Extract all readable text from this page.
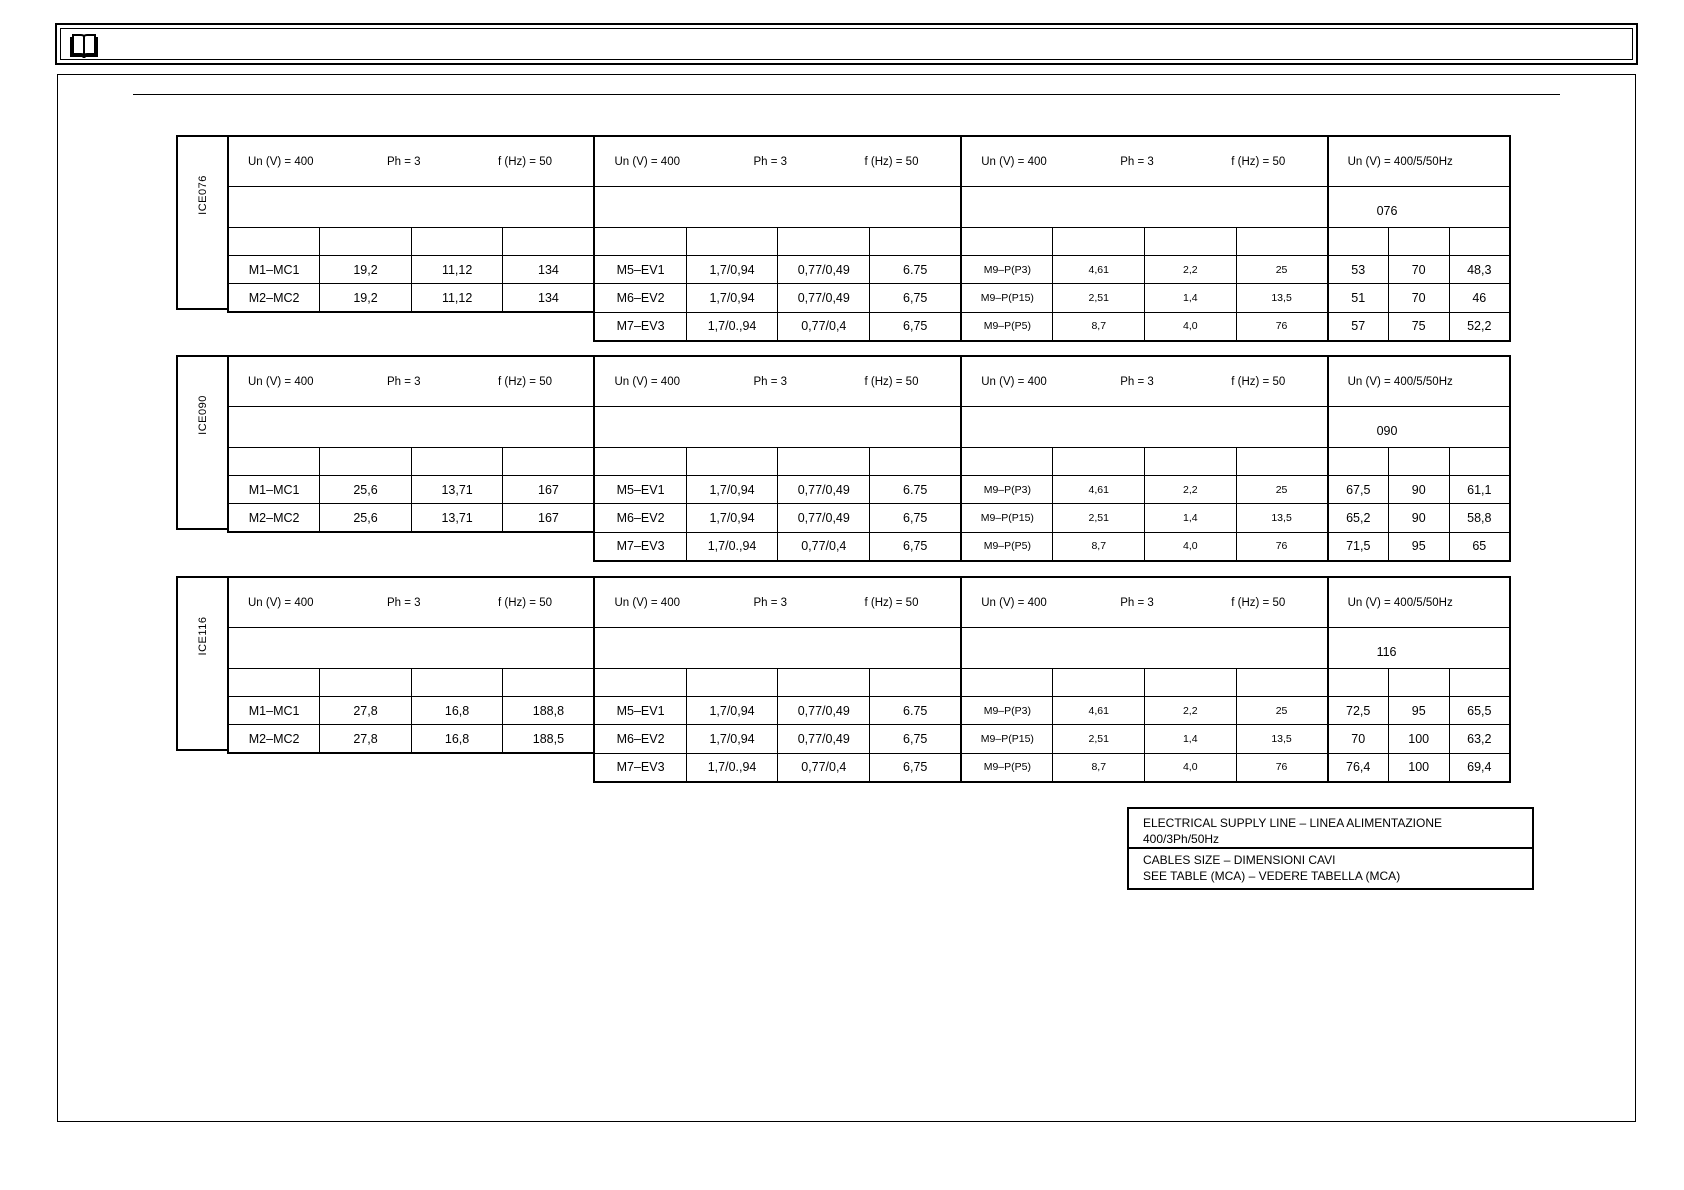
ICE076
Un (V) = 400 Ph = 3 f (Hz) = 50				Un (V) = 400 Ph = 3 f (Hz) = 50				Un (V) = 400 Ph = 3 f (Hz) = 50				Un (V) = 400/5/50Hz		

												076		

M1–MC1	19,2	11,12	134	M5–EV1	1,7/0,94	0,77/0,49	6.75	M9–P(P3)	4,61	2,2	25	53	70	48,3
M2–MC2	19,2	11,12	134	M6–EV2	1,7/0,94	0,77/0,49	6,75	M9–P(P15)	2,51	1,4	13,5	51	70	46
				M7–EV3	1,7/0.,94	0,77/0,4	6,75	M9–P(P5)	8,7	4,0	76	57	75	52,2
ICE090
Un (V) = 400 Ph = 3 f (Hz) = 50				Un (V) = 400 Ph = 3 f (Hz) = 50				Un (V) = 400 Ph = 3 f (Hz) = 50				Un (V) = 400/5/50Hz		

												090		

M1–MC1	25,6	13,71	167	M5–EV1	1,7/0,94	0,77/0,49	6.75	M9–P(P3)	4,61	2,2	25	67,5	90	61,1
M2–MC2	25,6	13,71	167	M6–EV2	1,7/0,94	0,77/0,49	6,75	M9–P(P15)	2,51	1,4	13,5	65,2	90	58,8
				M7–EV3	1,7/0.,94	0,77/0,4	6,75	M9–P(P5)	8,7	4,0	76	71,5	95	65
ICE116
Un (V) = 400 Ph = 3 f (Hz) = 50				Un (V) = 400 Ph = 3 f (Hz) = 50				Un (V) = 400 Ph = 3 f (Hz) = 50				Un (V) = 400/5/50Hz		

												116		

M1–MC1	27,8	16,8	188,8	M5–EV1	1,7/0,94	0,77/0,49	6.75	M9–P(P3)	4,61	2,2	25	72,5	95	65,5
M2–MC2	27,8	16,8	188,5	M6–EV2	1,7/0,94	0,77/0,49	6,75	M9–P(P15)	2,51	1,4	13,5	70	100	63,2
				M7–EV3	1,7/0.,94	0,77/0,4	6,75	M9–P(P5)	8,7	4,0	76	76,4	100	69,4
ELECTRICAL SUPPLY LINE – LINEA ALIMENTAZIONE
400/3Ph/50Hz
CABLES SIZE – DIMENSIONI CAVI
SEE TABLE (MCA) – VEDERE TABELLA (MCA)
